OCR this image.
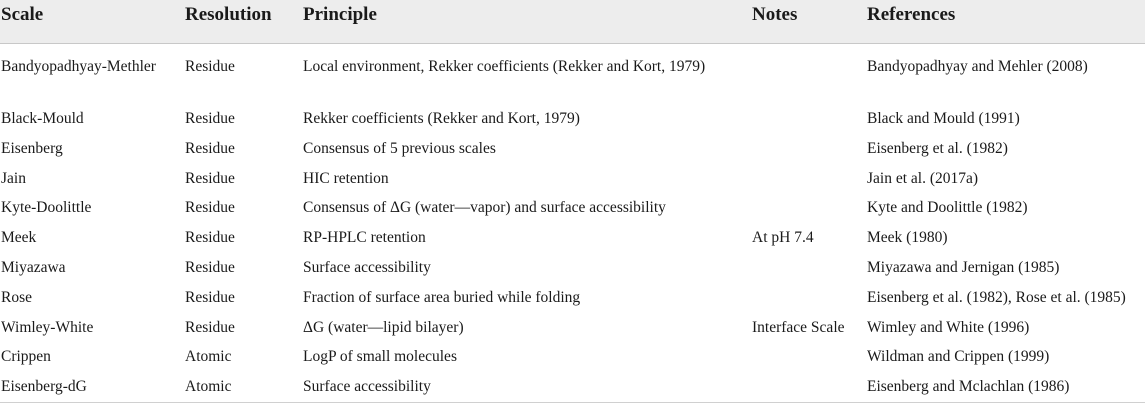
Scale	Resolution	Principle	Notes	References
Bandyopadhyay-Methler	Residue	Local environment, Rekker coefficients (Rekker and Kort, 1979)		Bandyopadhyay and Mehler (2008)
Black-Mould	Residue	Rekker coefficients (Rekker and Kort, 1979)		Black and Mould (1991)
Eisenberg	Residue	Consensus of 5 previous scales		Eisenberg et al. (1982)
Jain	Residue	HIC retention		Jain et al. (2017a)
Kyte-Doolittle	Residue	Consensus of ΔG (water—vapor) and surface accessibility		Kyte and Doolittle (1982)
Meek	Residue	RP-HPLC retention	At pH 7.4	Meek (1980)
Miyazawa	Residue	Surface accessibility		Miyazawa and Jernigan (1985)
Rose	Residue	Fraction of surface area buried while folding		Eisenberg et al. (1982), Rose et al. (1985)
Wimley-White	Residue	ΔG (water—lipid bilayer)	Interface Scale	Wimley and White (1996)
Crippen	Atomic	LogP of small molecules		Wildman and Crippen (1999)
Eisenberg-dG	Atomic	Surface accessibility		Eisenberg and Mclachlan (1986)
